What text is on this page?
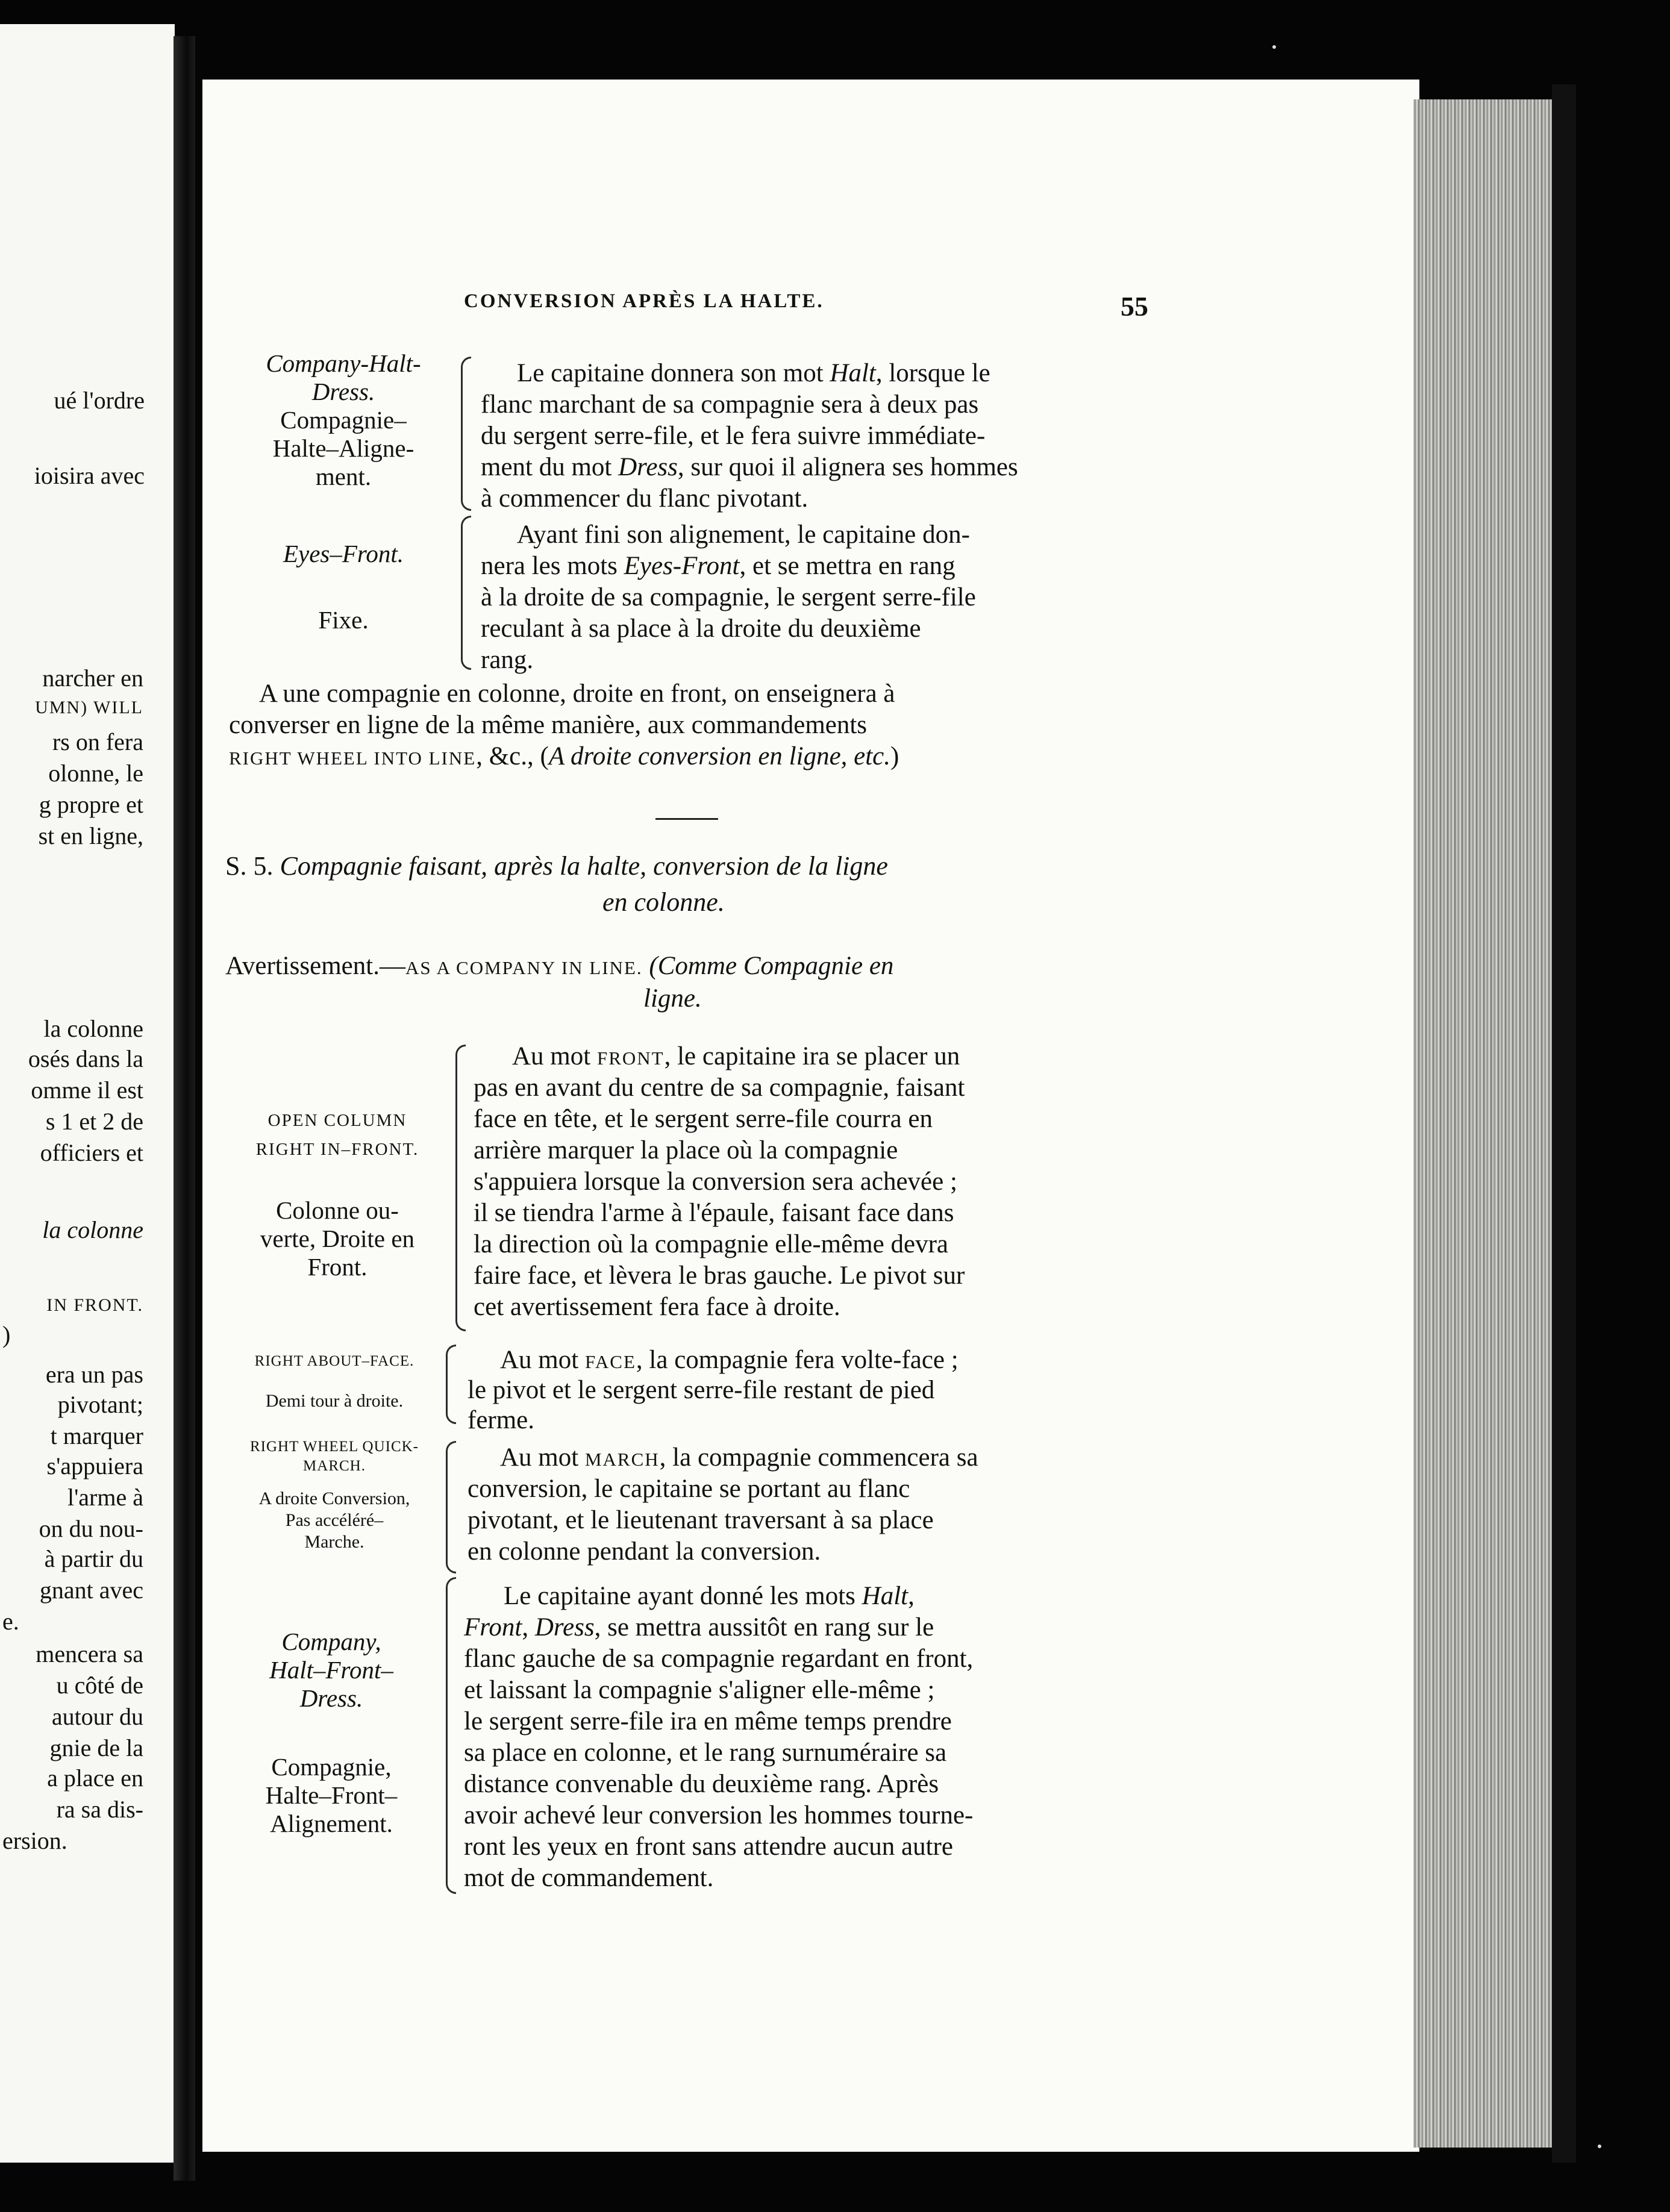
ué l'ordre
ioisira avec
narcher en
UMN) WILL
rs on fera
olonne, le
g propre et
st en ligne,
la colonne
osés dans la
omme il est
s 1 et 2 de
officiers et
la colonne
IN FRONT.
)
era un pas
pivotant;
t marquer
s'appuiera
l'arme à
on du nou-
à partir du
gnant avec
e.
mencera sa
u côté de
autour du
gnie de la
a place en
ra sa dis-
ersion.
CONVERSION APRÈS LA HALTE.	55
Company-Halt-
Dress.
Compagnie–
Halte–Aligne-
ment.
Le capitaine donnera son mot Halt, lorsque le
flanc marchant de sa compagnie sera à deux pas
du sergent serre-file, et le fera suivre immédiate-
ment du mot Dress, sur quoi il alignera ses hommes
à commencer du flanc pivotant.
Eyes–Front.
Fixe.
Ayant fini son alignement, le capitaine don-
nera les mots Eyes-Front, et se mettra en rang
à la droite de sa compagnie, le sergent serre-file
reculant à sa place à la droite du deuxième
rang.
A une compagnie en colonne, droite en front, on enseignera à
converser en ligne de la même manière, aux commandements
RIGHT WHEEL INTO LINE, &c., (A droite conversion en ligne, etc.)
S. 5. Compagnie faisant, après la halte, conversion de la ligne
en colonne.
Avertissement.—AS A COMPANY IN LINE. (Comme Compagnie en
ligne.
OPEN COLUMN
RIGHT IN–FRONT.
Colonne ou-
verte, Droite en
Front.
Au mot FRONT, le capitaine ira se placer un
pas en avant du centre de sa compagnie, faisant
face en tête, et le sergent serre-file courra en
arrière marquer la place où la compagnie
s'appuiera lorsque la conversion sera achevée ;
il se tiendra l'arme à l'épaule, faisant face dans
la direction où la compagnie elle-même devra
faire face, et lèvera le bras gauche. Le pivot sur
cet avertissement fera face à droite.
RIGHT ABOUT–FACE.
Demi tour à droite.
Au mot FACE, la compagnie fera volte-face ;
le pivot et le sergent serre-file restant de pied
ferme.
RIGHT WHEEL QUICK-
MARCH.
A droite Conversion,
Pas accéléré–
Marche.
Au mot MARCH, la compagnie commencera sa
conversion, le capitaine se portant au flanc
pivotant, et le lieutenant traversant à sa place
en colonne pendant la conversion.
Company,
Halt–Front–
Dress.
Compagnie,
Halte–Front–
Alignement.
Le capitaine ayant donné les mots Halt,
Front, Dress, se mettra aussitôt en rang sur le
flanc gauche de sa compagnie regardant en front,
et laissant la compagnie s'aligner elle-même ;
le sergent serre-file ira en même temps prendre
sa place en colonne, et le rang surnuméraire sa
distance convenable du deuxième rang. Après
avoir achevé leur conversion les hommes tourne-
ront les yeux en front sans attendre aucun autre
mot de commandement.
